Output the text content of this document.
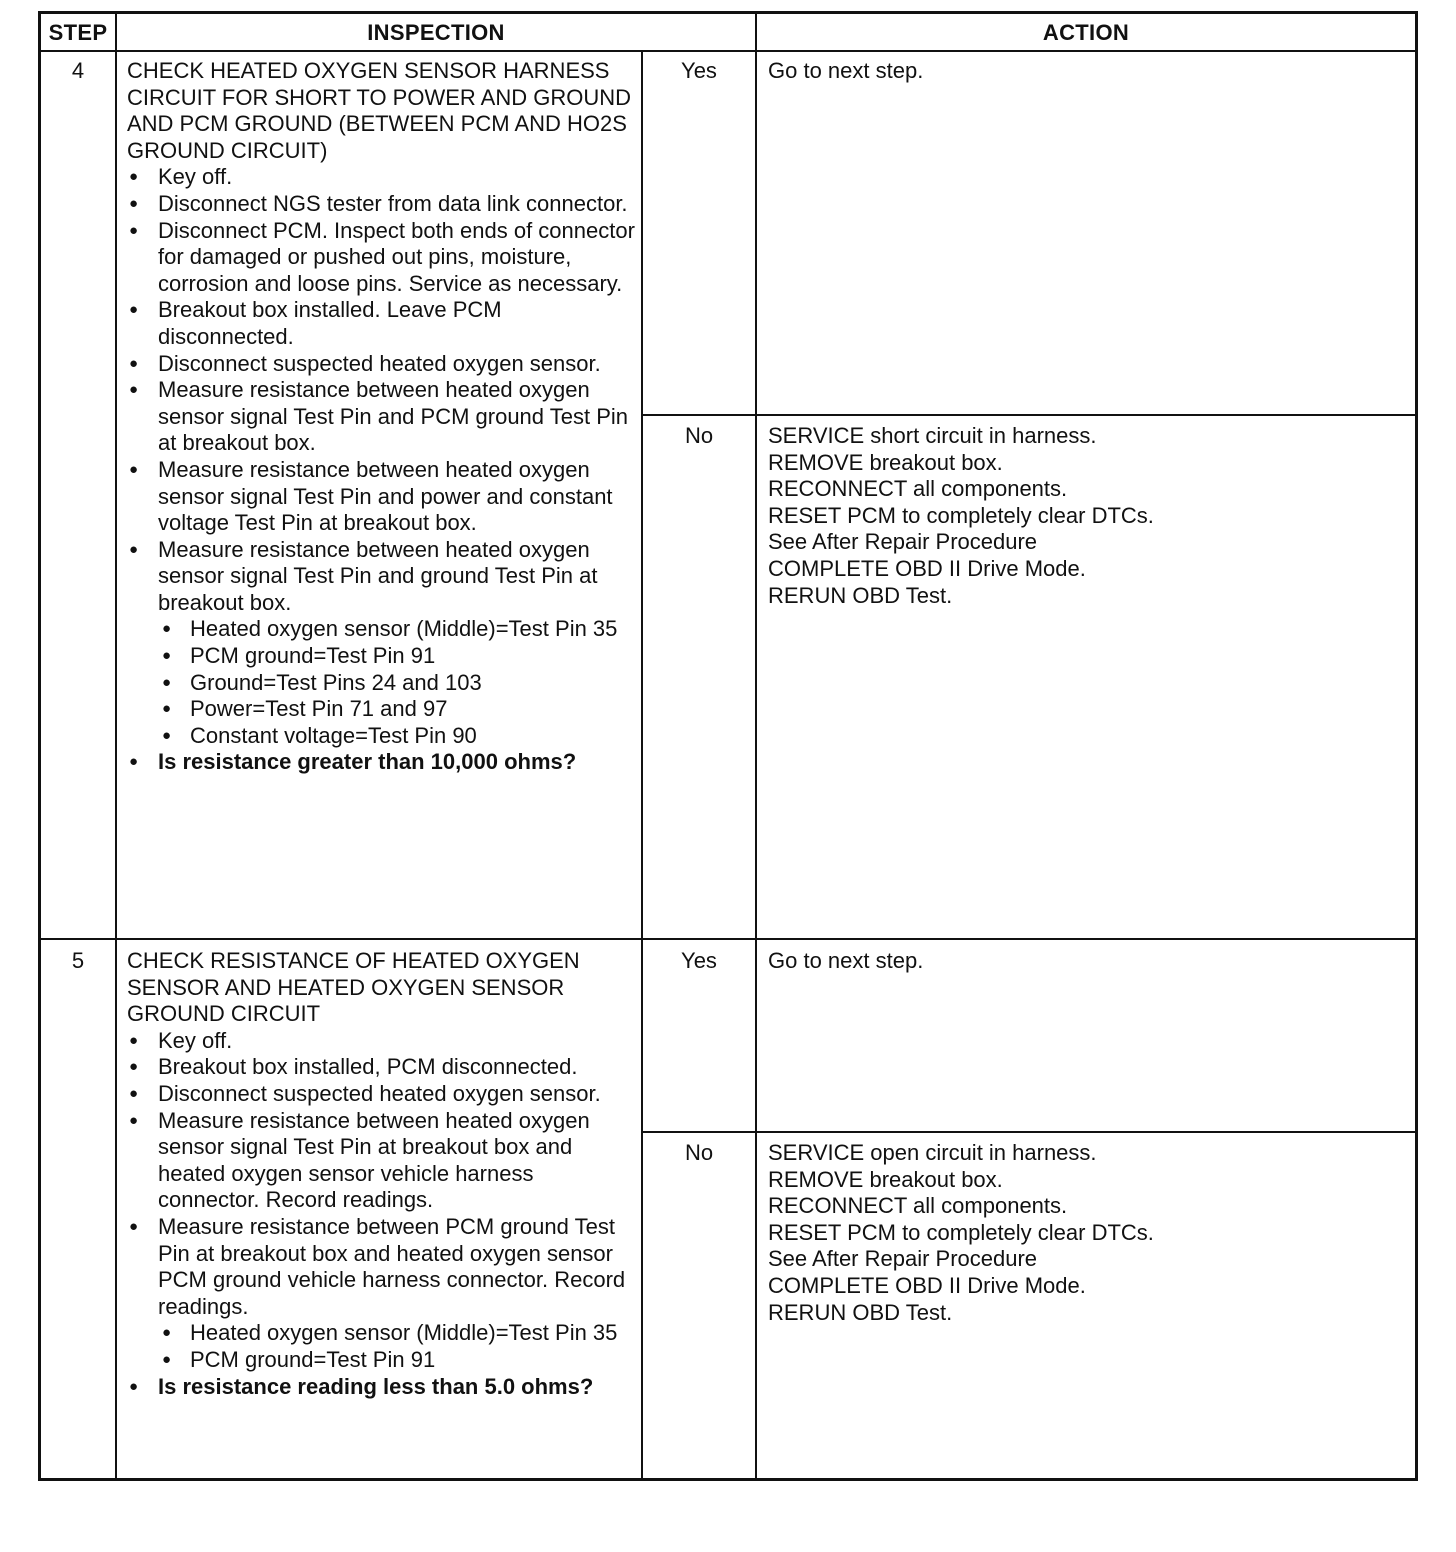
STEP	INSPECTION	ACTION
4	CHECK HEATED OXYGEN SENSOR HARNESS CIRCUIT FOR SHORT TO POWER AND GROUND AND PCM GROUND (BETWEEN PCM AND HO2S GROUND CIRCUIT)
● Key off.
● Disconnect NGS tester from data link connector.
● Disconnect PCM. Inspect both ends of connector for damaged or pushed out pins, moisture, corrosion and loose pins. Service as necessary.
● Breakout box installed. Leave PCM disconnected.
● Disconnect suspected heated oxygen sensor.
● Measure resistance between heated oxygen sensor signal Test Pin and PCM ground Test Pin at breakout box.
● Measure resistance between heated oxygen sensor signal Test Pin and power and constant voltage Test Pin at breakout box.
● Measure resistance between heated oxygen sensor signal Test Pin and ground Test Pin at breakout box.
● Heated oxygen sensor (Middle)=Test Pin 35
● PCM ground=Test Pin 91
● Ground=Test Pins 24 and 103
● Power=Test Pin 71 and 97
● Constant voltage=Test Pin 90
● Is resistance greater than 10,000 ohms?
Yes	Go to next step.
No	SERVICE short circuit in harness.
REMOVE breakout box.
RECONNECT all components.
RESET PCM to completely clear DTCs.
See After Repair Procedure
COMPLETE OBD II Drive Mode.
RERUN OBD Test.
5	CHECK RESISTANCE OF HEATED OXYGEN SENSOR AND HEATED OXYGEN SENSOR GROUND CIRCUIT
● Key off.
● Breakout box installed, PCM disconnected.
● Disconnect suspected heated oxygen sensor.
● Measure resistance between heated oxygen sensor signal Test Pin at breakout box and heated oxygen sensor vehicle harness connector. Record readings.
● Measure resistance between PCM ground Test Pin at breakout box and heated oxygen sensor PCM ground vehicle harness connector. Record readings.
● Heated oxygen sensor (Middle)=Test Pin 35
● PCM ground=Test Pin 91
● Is resistance reading less than 5.0 ohms?
Yes	Go to next step.
No	SERVICE open circuit in harness.
REMOVE breakout box.
RECONNECT all components.
RESET PCM to completely clear DTCs.
See After Repair Procedure
COMPLETE OBD II Drive Mode.
RERUN OBD Test.
